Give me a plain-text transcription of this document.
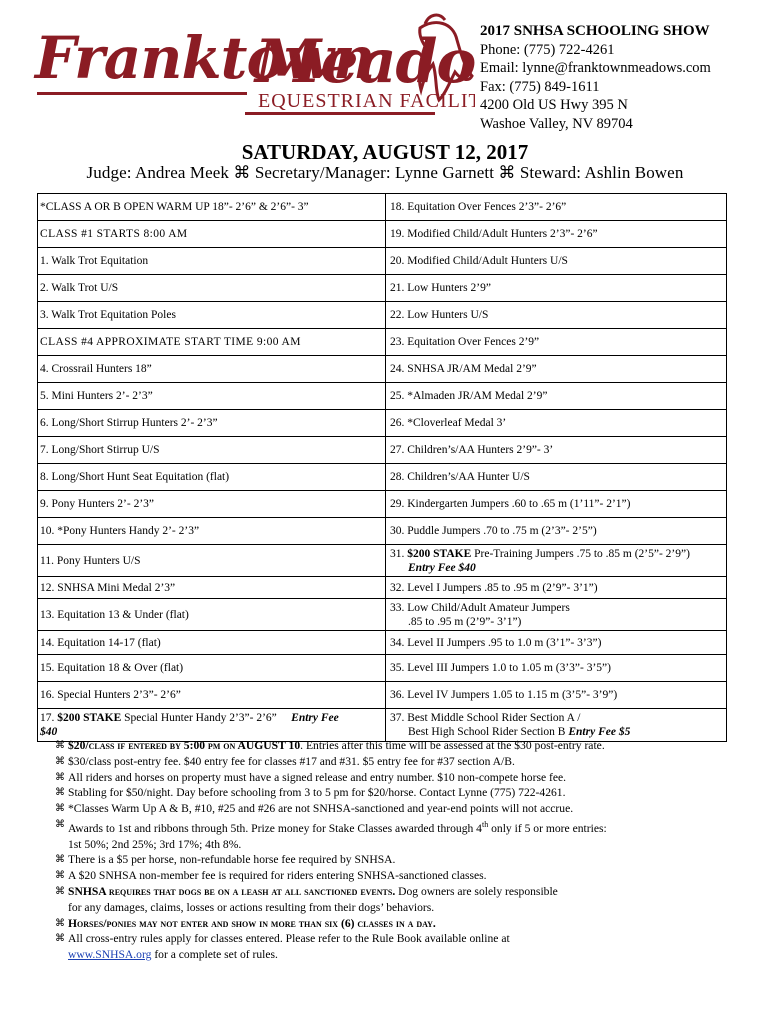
Franktown
Meado
EQUESTRIAN FACILITY
2017 SNHSA SCHOOLING SHOW
Phone: (775) 722-4261
Email: lynne@franktownmeadows.com
Fax: (775) 849-1611
4200 Old US Hwy 395 N
Washoe Valley, NV 89704
SATURDAY, AUGUST 12, 2017
Judge: Andrea Meek ⌘ Secretary/Manager: Lynne Garnett ⌘ Steward: Ashlin Bowen
*CLASS A OR B OPEN WARM UP 18”- 2’6” & 2’6”- 3”	18. Equitation Over Fences 2’3”- 2’6”
CLASS #1 STARTS 8:00 AM	19. Modified Child/Adult Hunters 2’3”- 2’6”
1. Walk Trot Equitation	20. Modified Child/Adult Hunters U/S
2. Walk Trot U/S	21. Low Hunters 2’9”
3. Walk Trot Equitation Poles	22. Low Hunters U/S
CLASS #4 APPROXIMATE START TIME 9:00 AM	23. Equitation Over Fences 2’9”
4. Crossrail Hunters 18”	24. SNHSA JR/AM Medal 2’9”
5. Mini Hunters 2’- 2’3”	25. *Almaden JR/AM Medal 2’9”
6. Long/Short Stirrup Hunters 2’- 2’3”	26. *Cloverleaf Medal 3’
7. Long/Short Stirrup U/S	27. Children’s/AA Hunters 2’9”- 3’
8. Long/Short Hunt Seat Equitation (flat)	28. Children’s/AA Hunter U/S
9. Pony Hunters 2’- 2’3”	29. Kindergarten Jumpers .60 to .65 m (1’11”- 2’1”)
10. *Pony Hunters Handy 2’- 2’3”	30. Puddle Jumpers .70 to .75 m (2’3”- 2’5”)
11. Pony Hunters U/S	31. $200 STAKE Pre-Training Jumpers .75 to .85 m (2’5”- 2’9”)
Entry Fee $40

12. SNHSA Mini Medal 2’3”	32. Level I Jumpers .85 to .95 m (2’9”- 3’1”)
13. Equitation 13 & Under (flat)	33. Low Child/Adult Amateur Jumpers
.85 to .95 m (2’9”- 3’1”)

14. Equitation 14-17 (flat)	34. Level II Jumpers .95 to 1.0 m (3’1”- 3’3”)
15. Equitation 18 & Over (flat)	35. Level III Jumpers 1.0 to 1.05 m (3’3”- 3’5”)
16. Special Hunters 2’3”- 2’6”	36. Level IV Jumpers 1.05 to 1.15 m (3’5”- 3’9”)
17. $200 STAKE Special Hunter Handy 2’3”- 2’6” Entry Fee
$40	37. Best Middle School Rider Section A /
Best High School Rider Section B Entry Fee $5
⌘ $20/class if entered by 5:00 pm on AUGUST 10. Entries after this time will be assessed at the $30 post-entry rate.
⌘ $30/class post-entry fee. $40 entry fee for classes #17 and #31. $5 entry fee for #37 section A/B.
⌘ All riders and horses on property must have a signed release and entry number. $10 non-compete horse fee.
⌘ Stabling for $50/night. Day before schooling from 3 to 5 pm for $20/horse. Contact Lynne (775) 722-4261.
⌘ *Classes Warm Up A & B, #10, #25 and #26 are not SNHSA-sanctioned and year-end points will not accrue.
⌘ Awards to 1st and ribbons through 5th. Prize money for Stake Classes awarded through 4th only if 5 or more entries:
1st 50%; 2nd 25%; 3rd 17%; 4th 8%.
⌘ There is a $5 per horse, non-refundable horse fee required by SNHSA.
⌘ A $20 SNHSA non-member fee is required for riders entering SNHSA-sanctioned classes.
⌘ SNHSA requires that dogs be on a leash at all sanctioned events. Dog owners are solely responsible
for any damages, claims, losses or actions resulting from their dogs’ behaviors.
⌘ Horses/ponies may not enter and show in more than six (6) classes in a day.
⌘ All cross-entry rules apply for classes entered. Please refer to the Rule Book available online at
www.SNHSA.org for a complete set of rules.
